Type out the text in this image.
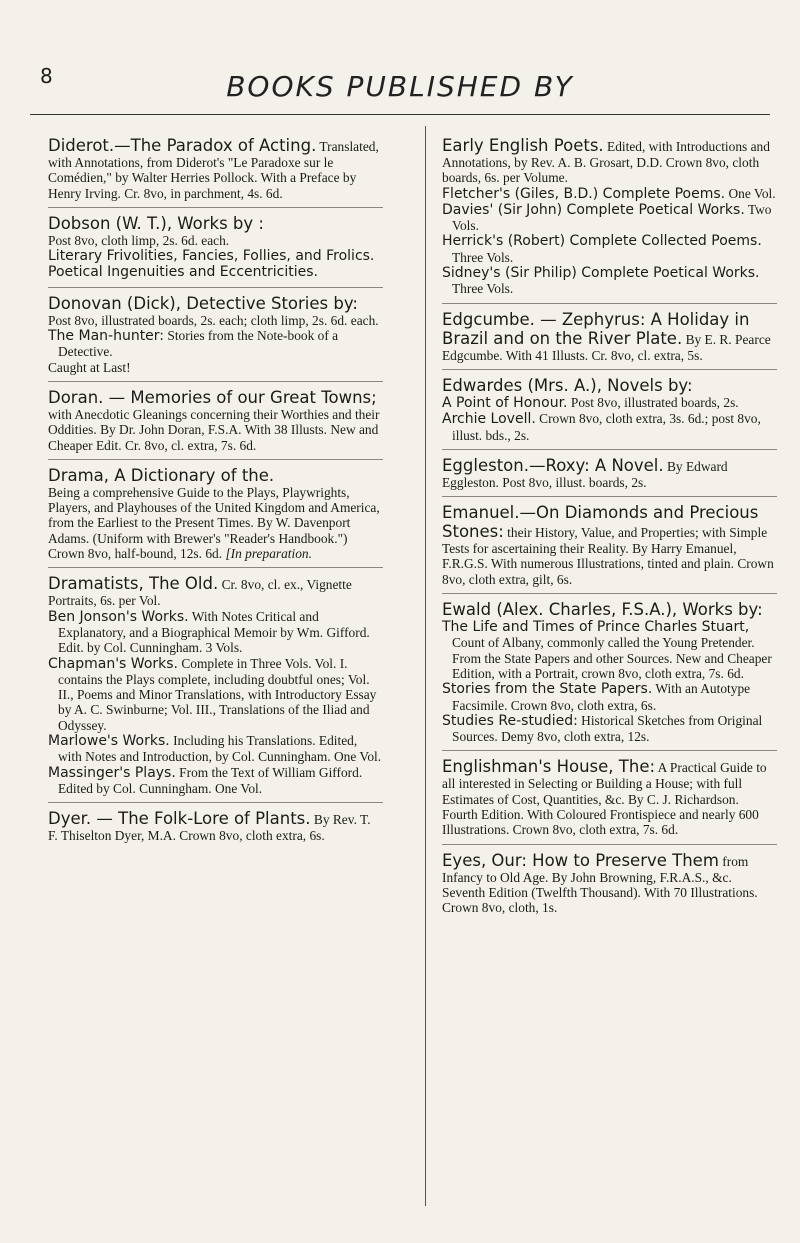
8	BOOKS PUBLISHED BY
Diderot.—The Paradox of Acting. Translated, with Annotations, from Diderot's "Le Paradoxe sur le Comédien," by Walter Herries Pollock. With a Preface by Henry Irving. Cr. 8vo, in parchment, 4s. 6d.
Dobson (W. T.), Works by :
Post 8vo, cloth limp, 2s. 6d. each.
Literary Frivolities, Fancies, Follies, and Frolics.
Poetical Ingenuities and Eccentricities.
Donovan (Dick), Detective Stories by:
Post 8vo, illustrated boards, 2s. each; cloth limp, 2s. 6d. each.
The Man-hunter: Stories from the Note-book of a Detective.
Caught at Last!
Doran. — Memories of our Great Towns; with Anecdotic Gleanings concerning their Worthies and their Oddities. By Dr. John Doran, F.S.A. With 38 Illusts. New and Cheaper Edit. Cr. 8vo, cl. extra, 7s. 6d.
Drama, A Dictionary of the.
Being a comprehensive Guide to the Plays, Playwrights, Players, and Playhouses of the United Kingdom and America, from the Earliest to the Present Times. By W. Davenport Adams. (Uniform with Brewer's "Reader's Handbook.") Crown 8vo, half-bound, 12s. 6d. [In preparation.
Dramatists, The Old. Cr. 8vo, cl. ex., Vignette Portraits, 6s. per Vol.
Ben Jonson's Works. With Notes Critical and Explanatory, and a Biographical Memoir by Wm. Gifford. Edit. by Col. Cunningham. 3 Vols.
Chapman's Works. Complete in Three Vols. Vol. I. contains the Plays complete, including doubtful ones; Vol. II., Poems and Minor Translations, with Introductory Essay by A. C. Swinburne; Vol. III., Translations of the Iliad and Odyssey.
Marlowe's Works. Including his Translations. Edited, with Notes and Introduction, by Col. Cunningham. One Vol.
Massinger's Plays. From the Text of William Gifford. Edited by Col. Cunningham. One Vol.
Dyer. — The Folk-Lore of Plants. By Rev. T. F. Thiselton Dyer, M.A. Crown 8vo, cloth extra, 6s.
Early English Poets. Edited, with Introductions and Annotations, by Rev. A. B. Grosart, D.D. Crown 8vo, cloth boards, 6s. per Volume.
Fletcher's (Giles, B.D.) Complete Poems. One Vol.
Davies' (Sir John) Complete Poetical Works. Two Vols.
Herrick's (Robert) Complete Collected Poems. Three Vols.
Sidney's (Sir Philip) Complete Poetical Works. Three Vols.
Edgcumbe. — Zephyrus: A Holiday in Brazil and on the River Plate. By E. R. Pearce Edgcumbe. With 41 Illusts. Cr. 8vo, cl. extra, 5s.
Edwardes (Mrs. A.), Novels by:
A Point of Honour. Post 8vo, illustrated boards, 2s.
Archie Lovell. Crown 8vo, cloth extra, 3s. 6d.; post 8vo, illust. bds., 2s.
Eggleston.—Roxy: A Novel. By Edward Eggleston. Post 8vo, illust. boards, 2s.
Emanuel.—On Diamonds and Precious Stones: their History, Value, and Properties; with Simple Tests for ascertaining their Reality. By Harry Emanuel, F.R.G.S. With numerous Illustrations, tinted and plain. Crown 8vo, cloth extra, gilt, 6s.
Ewald (Alex. Charles, F.S.A.), Works by:
The Life and Times of Prince Charles Stuart, Count of Albany, commonly called the Young Pretender. From the State Papers and other Sources. New and Cheaper Edition, with a Portrait, crown 8vo, cloth extra, 7s. 6d.
Stories from the State Papers. With an Autotype Facsimile. Crown 8vo, cloth extra, 6s.
Studies Re-studied: Historical Sketches from Original Sources. Demy 8vo, cloth extra, 12s.
Englishman's House, The: A Practical Guide to all interested in Selecting or Building a House; with full Estimates of Cost, Quantities, &c. By C. J. Richardson. Fourth Edition. With Coloured Frontispiece and nearly 600 Illustrations. Crown 8vo, cloth extra, 7s. 6d.
Eyes, Our: How to Preserve Them from Infancy to Old Age. By John Browning, F.R.A.S., &c. Seventh Edition (Twelfth Thousand). With 70 Illustrations. Crown 8vo, cloth, 1s.
